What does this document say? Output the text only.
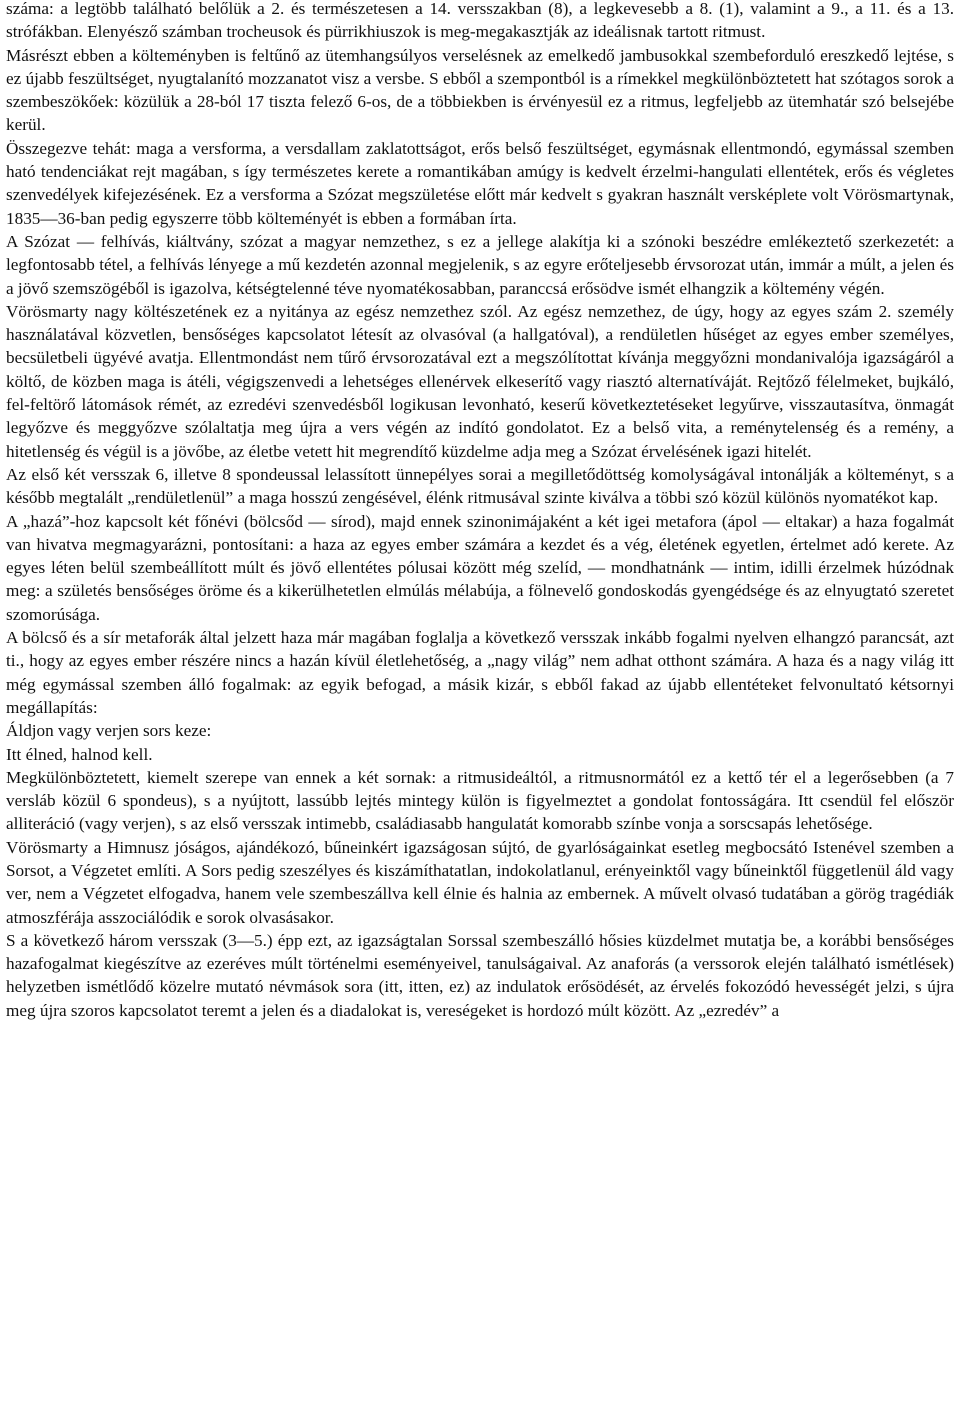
száma: a legtöbb található belőlük a 2. és természetesen a 14. versszakban (8), a legkevesebb a 8. (1), valamint a 9., a 11. és a 13. strófákban. Elenyésző számban trocheusok és pürrikhiuszok is meg-megakasztják az ideálisnak tartott ritmust.

Másrészt ebben a költeményben is feltűnő az ütemhangsúlyos verselésnek az emelkedő jambusokkal szembeforduló ereszkedő lejtése, s ez újabb feszültséget, nyugtalanító mozzanatot visz a versbe. S ebből a szempontból is a rímekkel megkülönböztetett hat szótagos sorok a szembeszökőek: közülük a 28-ból 17 tiszta felező 6-os, de a többiekben is érvényesül ez a ritmus, legfeljebb az ütemhatár szó belsejébe kerül.

Összegezve tehát: maga a versforma, a versdallam zaklatottságot, erős belső feszültséget, egymásnak ellentmondó, egymással szemben ható tendenciákat rejt magában, s így természetes kerete a romantikában amúgy is kedvelt érzelmi-hangulati ellentétek, erős és végletes szenvedélyek kifejezésének. Ez a versforma a Szózat megszületése előtt már kedvelt s gyakran használt versképlete volt Vörösmartynak, 1835—36-ban pedig egyszerre több költeményét is ebben a formában írta.

A Szózat — felhívás, kiáltvány, szózat a magyar nemzethez, s ez a jellege alakítja ki a szónoki beszédre emlékeztető szerkezetét: a legfontosabb tétel, a felhívás lényege a mű kezdetén azonnal megjelenik, s az egyre erőteljesebb érvsorozat után, immár a múlt, a jelen és a jövő szemszögéből is igazolva, kétségtelenné téve nyomatékosabban, paranccsá erősödve ismét elhangzik a költemény végén.

Vörösmarty nagy költészetének ez a nyitánya az egész nemzethez szól. Az egész nemzethez, de úgy, hogy az egyes szám 2. személy használatával közvetlen, bensőséges kapcsolatot létesít az olvasóval (a hallgatóval), a rendületlen hűséget az egyes ember személyes, becsületbeli ügyévé avatja. Ellentmondást nem tűrő érvsorozatával ezt a megszólítottat kívánja meggyőzni mondanivalója igazságáról a költő, de közben maga is átéli, végigszenvedi a lehetséges ellenérvek elkeserítő vagy riasztó alternatíváját. Rejtőző félelmeket, bujkáló, fel-feltörő látomások rémét, az ezredévi szenvedésből logikusan levonható, keserű következtetéseket legyűrve, visszautasítva, önmagát legyőzve és meggyőzve szólaltatja meg újra a vers végén az indító gondolatot. Ez a belső vita, a reménytelenség és a remény, a hitetlenség és végül is a jövőbe, az életbe vetett hit megrendítő küzdelme adja meg a Szózat érvelésének igazi hitelét.

Az első két versszak 6, illetve 8 spondeussal lelassított ünnepélyes sorai a megilletődöttség komolyságával intonálják a költeményt, s a később megtalált „rendületlenül” a maga hosszú zengésével, élénk ritmusával szinte kiválva a többi szó közül különös nyomatékot kap.

A „hazá”-hoz kapcsolt két főnévi (bölcsőd — sírod), majd ennek szinonimájaként a két igei metafora (ápol — eltakar) a haza fogalmát van hivatva megmagyarázni, pontosítani: a haza az egyes ember számára a kezdet és a vég, életének egyetlen, értelmet adó kerete. Az egyes léten belül szembeállított múlt és jövő ellentétes pólusai között még szelíd, — mondhatnánk — intim, idilli érzelmek húzódnak meg: a születés bensőséges öröme és a kikerülhetetlen elmúlás mélabúja, a fölnevelő gondoskodás gyengédsége és az elnyugtató szeretet szomorúsága.

A bölcső és a sír metaforák által jelzett haza már magában foglalja a következő versszak inkább fogalmi nyelven elhangzó parancsát, azt ti., hogy az egyes ember részére nincs a hazán kívül életlehetőség, a „nagy világ” nem adhat otthont számára. A haza és a nagy világ itt még egymással szemben álló fogalmak: az egyik befogad, a másik kizár, s ebből fakad az újabb ellentéteket felvonultató kétsornyi megállapítás:

Áldjon vagy verjen sors keze:

Itt élned, halnod kell.

Megkülönböztetett, kiemelt szerepe van ennek a két sornak: a ritmusideáltól, a ritmusnormától ez a kettő tér el a legerősebben (a 7 versláb közül 6 spondeus), s a nyújtott, lassúbb lejtés mintegy külön is figyelmeztet a gondolat fontosságára. Itt csendül fel először alliteráció (vagy verjen), s az első versszak intimebb, családiasabb hangulatát komorabb színbe vonja a sorscsapás lehetősége.

Vörösmarty a Himnusz jóságos, ajándékozó, bűneinkért igazságosan sújtó, de gyarlóságainkat esetleg megbocsátó Istenével szemben a Sorsot, a Végzetet említi. A Sors pedig szeszélyes és kiszámíthatatlan, indokolatlanul, erényeinktől vagy bűneinktől függetlenül áld vagy ver, nem a Végzetet elfogadva, hanem vele szembeszállva kell élnie és halnia az embernek. A művelt olvasó tudatában a görög tragédiák atmoszférája asszociálódik e sorok olvasásakor.

S a következő három versszak (3—5.) épp ezt, az igazságtalan Sorssal szembeszálló hősies küzdelmet mutatja be, a korábbi bensőséges hazafogalmat kiegészítve az ezeréves múlt történelmi eseményeivel, tanulságaival. Az anaforás (a verssorok elején található ismétlések) helyzetben ismétlődő közelre mutató névmások sora (itt, itten, ez) az indulatok erősödését, az érvelés fokozódó hevességét jelzi, s újra meg újra szoros kapcsolatot teremt a jelen és a diadalokat is, vereségeket is hordozó múlt között. Az „ezredév” a
